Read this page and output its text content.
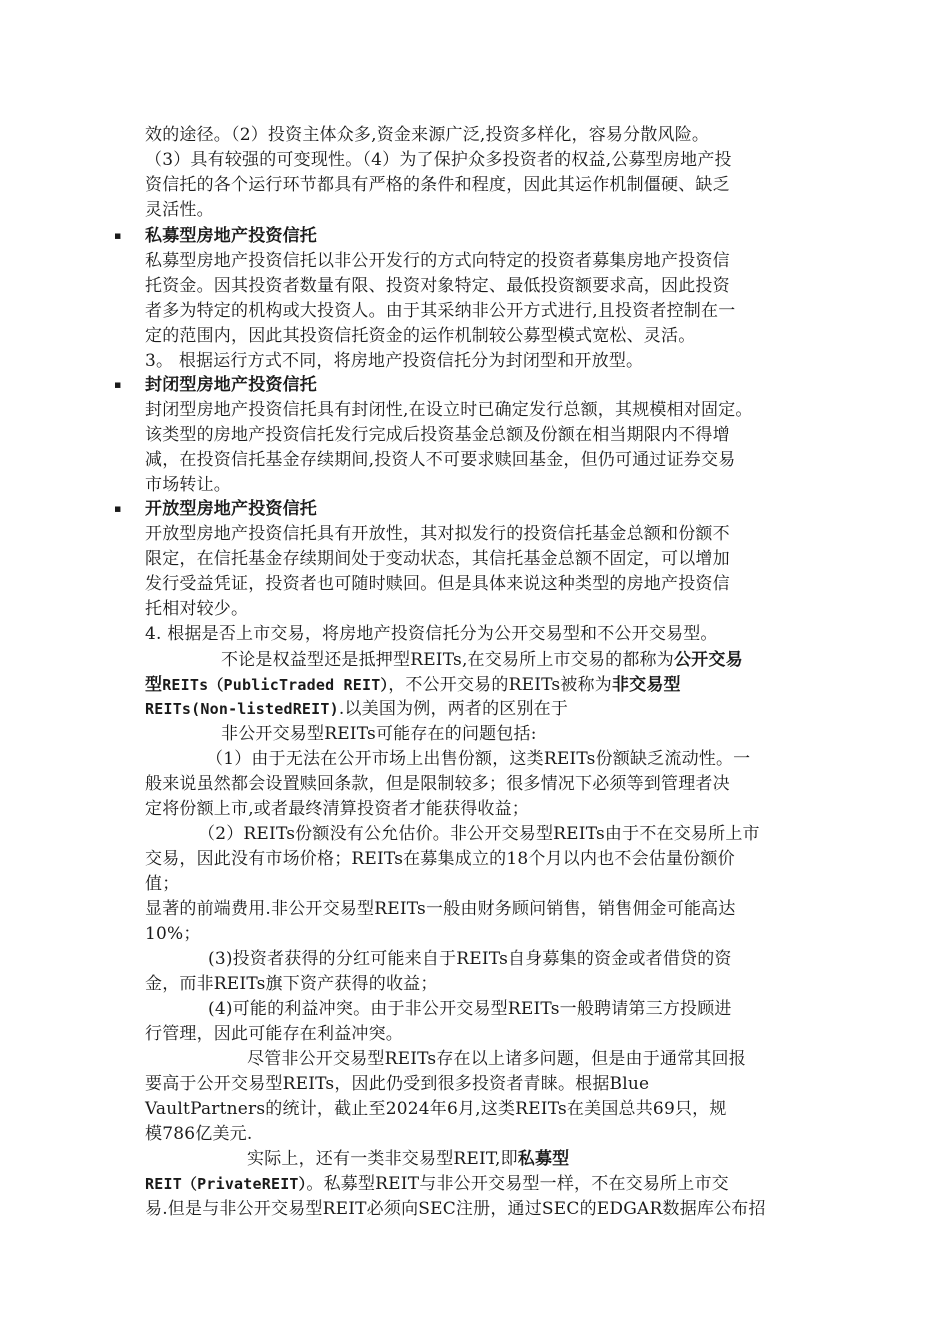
效的途径。（2）投资主体众多,资金来源广泛,投资多样化，容易分散风险。
（3）具有较强的可变现性。（4）为了保护众多投资者的权益,公募型房地产投
资信托的各个运行环节都具有严格的条件和程度，因此其运作机制僵硬、缺乏
灵活性。
▪ 私募型房地产投资信托
私募型房地产投资信托以非公开发行的方式向特定的投资者募集房地产投资信
托资金。因其投资者数量有限、投资对象特定、最低投资额要求高，因此投资
者多为特定的机构或大投资人。由于其采纳非公开方式进行,且投资者控制在一
定的范围内，因此其投资信托资金的运作机制较公募型模式宽松、灵活。
3。 根据运行方式不同，将房地产投资信托分为封闭型和开放型。
▪ 封闭型房地产投资信托
封闭型房地产投资信托具有封闭性,在设立时已确定发行总额，其规模相对固定。
该类型的房地产投资信托发行完成后投资基金总额及份额在相当期限内不得增
减，在投资信托基金存续期间,投资人不可要求赎回基金，但仍可通过证券交易
市场转让。
▪ 开放型房地产投资信托
开放型房地产投资信托具有开放性，其对拟发行的投资信托基金总额和份额不
限定，在信托基金存续期间处于变动状态，其信托基金总额不固定，可以增加
发行受益凭证，投资者也可随时赎回。但是具体来说这种类型的房地产投资信
托相对较少。
4. 根据是否上市交易，将房地产投资信托分为公开交易型和不公开交易型。
不论是权益型还是抵押型REITs,在交易所上市交易的都称为公开交易
型REITs（PublicTraded REIT），不公开交易的REITs被称为非交易型
REITs(Non-listedREIT).以美国为例，两者的区别在于
非公开交易型REITs可能存在的问题包括:
（1）由于无法在公开市场上出售份额，这类REITs份额缺乏流动性。一
般来说虽然都会设置赎回条款，但是限制较多；很多情况下必须等到管理者决
定将份额上市,或者最终清算投资者才能获得收益；
（2）REITs份额没有公允估价。非公开交易型REITs由于不在交易所上市
交易，因此没有市场价格；REITs在募集成立的18个月以内也不会估量份额价
值；
显著的前端费用.非公开交易型REITs一般由财务顾问销售，销售佣金可能高达
10%；
(3)投资者获得的分红可能来自于REITs自身募集的资金或者借贷的资
金，而非REITs旗下资产获得的收益；
(4)可能的利益冲突。由于非公开交易型REITs一般聘请第三方投顾进
行管理，因此可能存在利益冲突。
尽管非公开交易型REITs存在以上诸多问题，但是由于通常其回报
要高于公开交易型REITs，因此仍受到很多投资者青睐。根据Blue
VaultPartners的统计，截止至2024年6月,这类REITs在美国总共69只，规
模786亿美元.
实际上，还有一类非交易型REIT,即私募型
REIT（PrivateREIT）。私募型REIT与非公开交易型一样，不在交易所上市交
易.但是与非公开交易型REIT必须向SEC注册，通过SEC的EDGAR数据库公布招
